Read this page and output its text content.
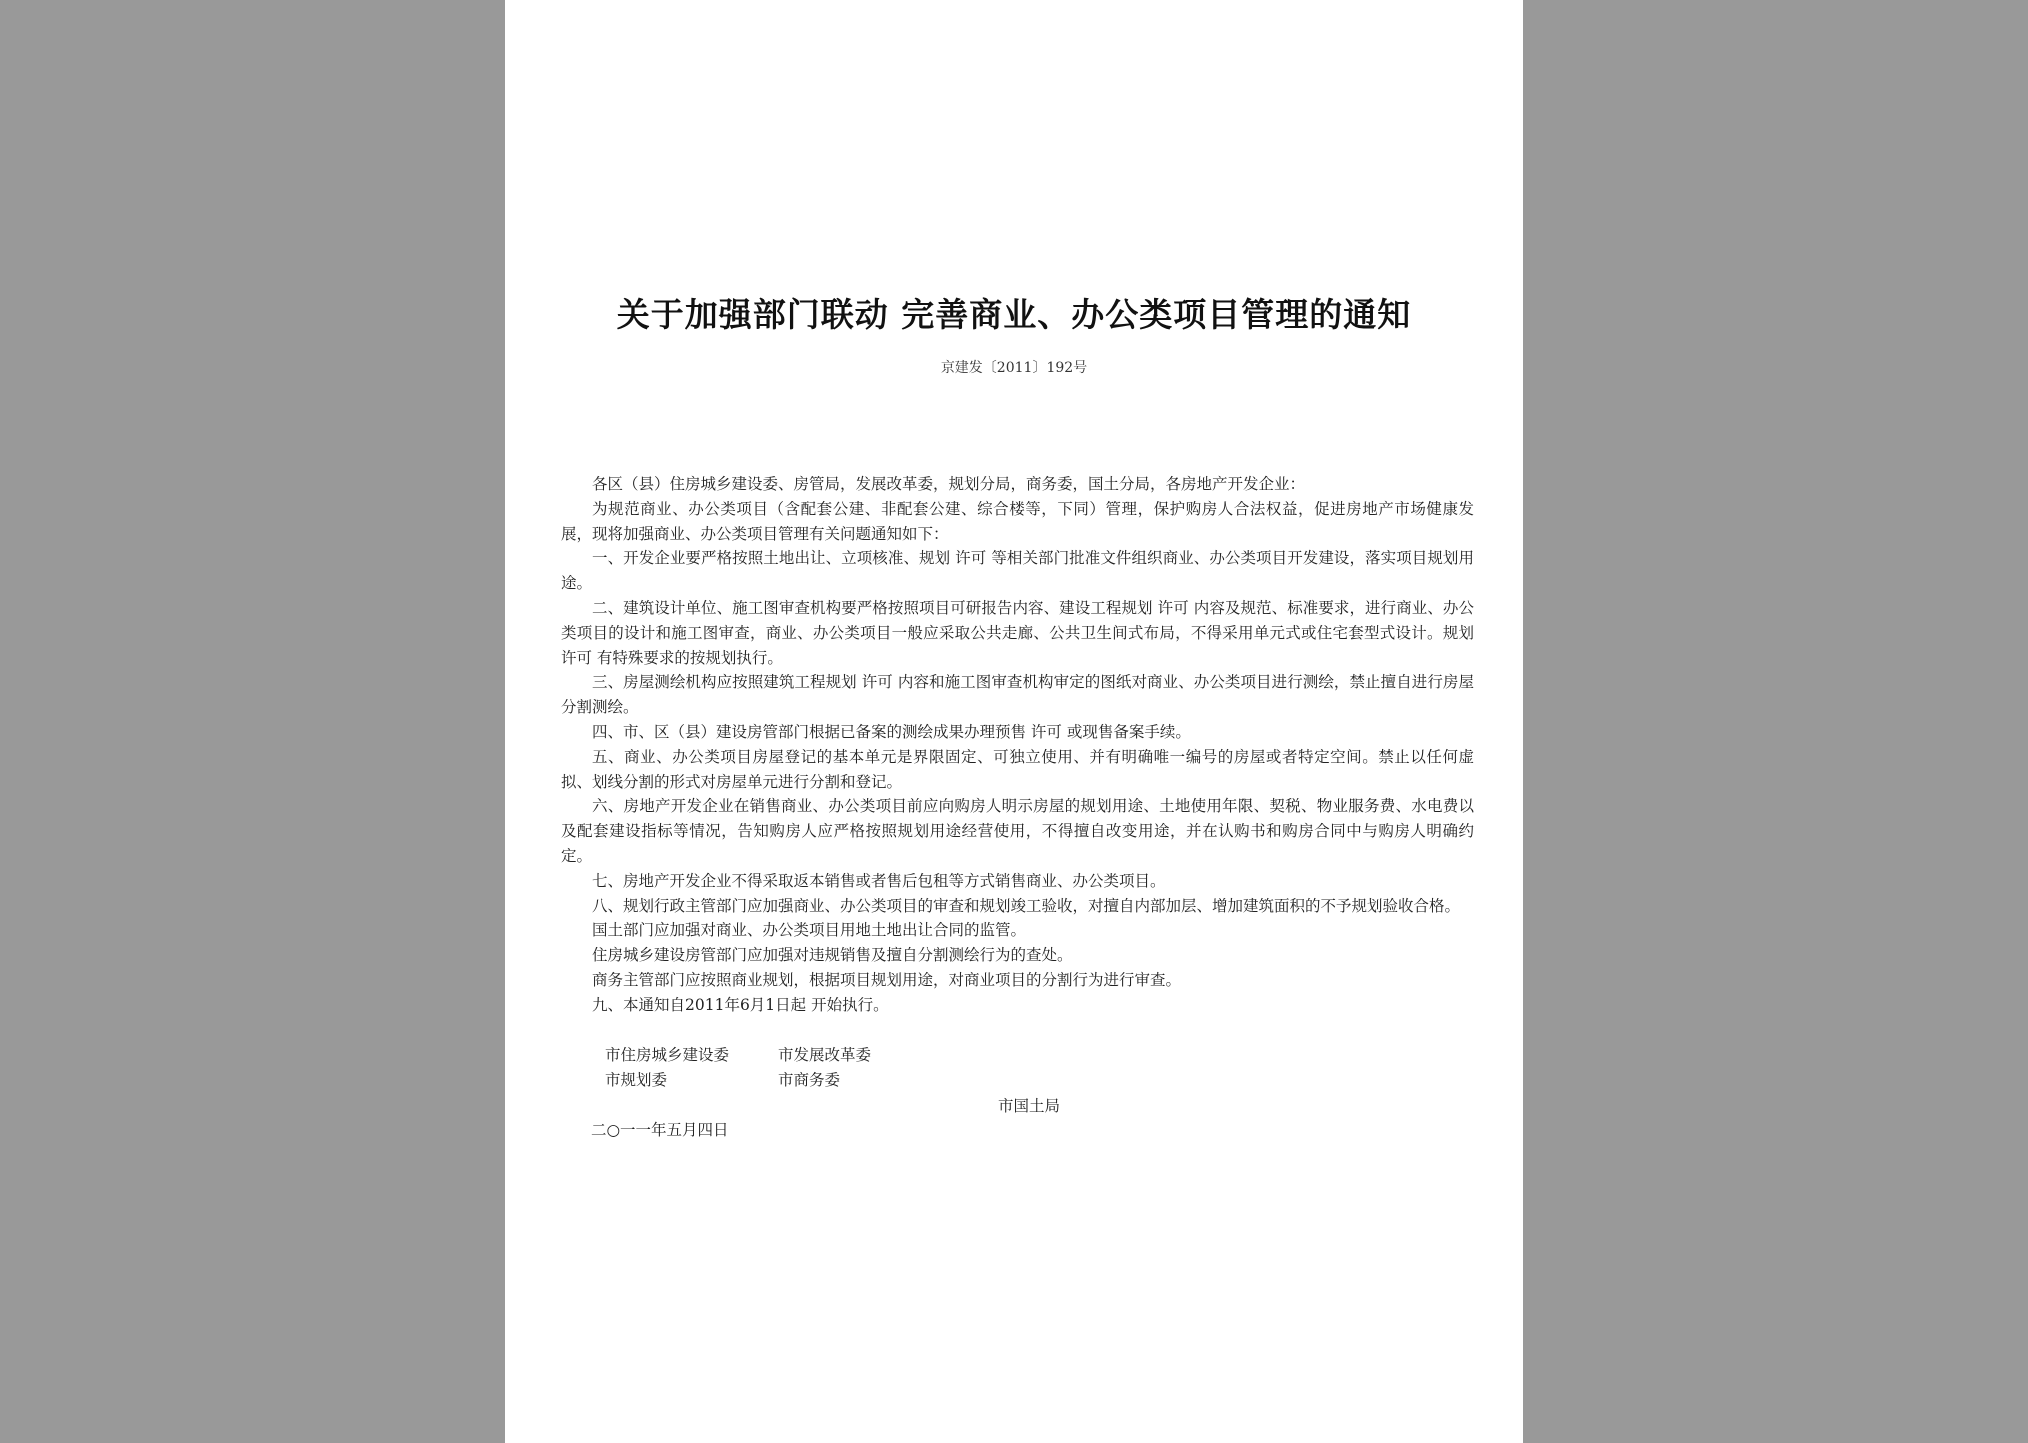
关于加强部门联动 完善商业、办公类项目管理的通知
京建发〔2011〕192号

各区（县）住房城乡建设委、房管局，发展改革委，规划分局，商务委，国土分局，各房地产开发企业：

为规范商业、办公类项目（含配套公建、非配套公建、综合楼等，下同）管理，保护购房人合法权益，促进房地产市场健康发展，现将加强商业、办公类项目管理有关问题通知如下：

一、开发企业要严格按照土地出让、立项核准、规划 许可 等相关部门批准文件组织商业、办公类项目开发建设，落实项目规划用途。

二、建筑设计单位、施工图审查机构要严格按照项目可研报告内容、建设工程规划 许可 内容及规范、标准要求，进行商业、办公类项目的设计和施工图审查，商业、办公类项目一般应采取公共走廊、公共卫生间式布局，不得采用单元式或住宅套型式设计。规划 许可 有特殊要求的按规划执行。

三、房屋测绘机构应按照建筑工程规划 许可 内容和施工图审查机构审定的图纸对商业、办公类项目进行测绘，禁止擅自进行房屋分割测绘。

四、市、区（县）建设房管部门根据已备案的测绘成果办理预售 许可 或现售备案手续。

五、商业、办公类项目房屋登记的基本单元是界限固定、可独立使用、并有明确唯一编号的房屋或者特定空间。禁止以任何虚拟、划线分割的形式对房屋单元进行分割和登记。

六、房地产开发企业在销售商业、办公类项目前应向购房人明示房屋的规划用途、土地使用年限、契税、物业服务费、水电费以及配套建设指标等情况，告知购房人应严格按照规划用途经营使用，不得擅自改变用途，并在认购书和购房合同中与购房人明确约定。

七、房地产开发企业不得采取返本销售或者售后包租等方式销售商业、办公类项目。

八、规划行政主管部门应加强商业、办公类项目的审查和规划竣工验收，对擅自内部加层、增加建筑面积的不予规划验收合格。

国土部门应加强对商业、办公类项目用地土地出让合同的监管。

住房城乡建设房管部门应加强对违规销售及擅自分割测绘行为的查处。

商务主管部门应按照商业规划，根据项目规划用途，对商业项目的分割行为进行审查。

九、本通知自2011年6月1日起 开始执行。

市住房城乡建设委	市发展改革委
市规划委	市商务委
市国土局
二○一一年五月四日
